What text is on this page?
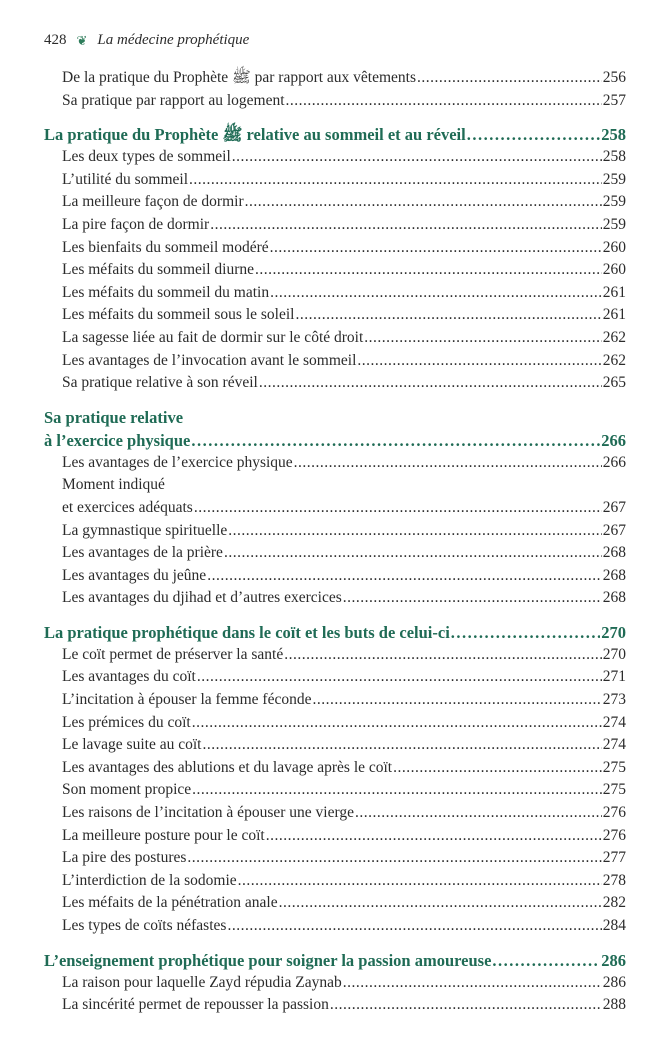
428 ❦ La médecine prophétique
De la pratique du Prophète ﷺ par rapport aux vêtements .....	256
Sa pratique par rapport au logement .....	257
La pratique du Prophète ﷺ relative au sommeil et au réveil .....	258
Les deux types de sommeil .....	258
L’utilité du sommeil .....	259
La meilleure façon de dormir .....	259
La pire façon de dormir .....	259
Les bienfaits du sommeil modéré .....	260
Les méfaits du sommeil diurne .....	260
Les méfaits du sommeil du matin .....	261
Les méfaits du sommeil sous le soleil .....	261
La sagesse liée au fait de dormir sur le côté droit .....	262
Les avantages de l’invocation avant le sommeil .....	262
Sa pratique relative à son réveil .....	265
Sa pratique relative
à l’exercice physique .....	266
Les avantages de l’exercice physique .....	266
Moment indiqué
et exercices adéquats .....	267
La gymnastique spirituelle .....	267
Les avantages de la prière .....	268
Les avantages du jeûne .....	268
Les avantages du djihad et d’autres exercices .....	268
La pratique prophétique dans le coït et les buts de celui-ci .....	270
Le coït permet de préserver la santé .....	270
Les avantages du coït .....	271
L’incitation à épouser la femme féconde .....	273
Les prémices du coït .....	274
Le lavage suite au coït .....	274
Les avantages des ablutions et du lavage après le coït .....	275
Son moment propice .....	275
Les raisons de l’incitation à épouser une vierge .....	276
La meilleure posture pour le coït .....	276
La pire des postures .....	277
L’interdiction de la sodomie .....	278
Les méfaits de la pénétration anale .....	282
Les types de coïts néfastes .....	284
L’enseignement prophétique pour soigner la passion amoureuse .....	286
La raison pour laquelle Zayd répudia Zaynab .....	286
La sincérité permet de repousser la passion .....	288
